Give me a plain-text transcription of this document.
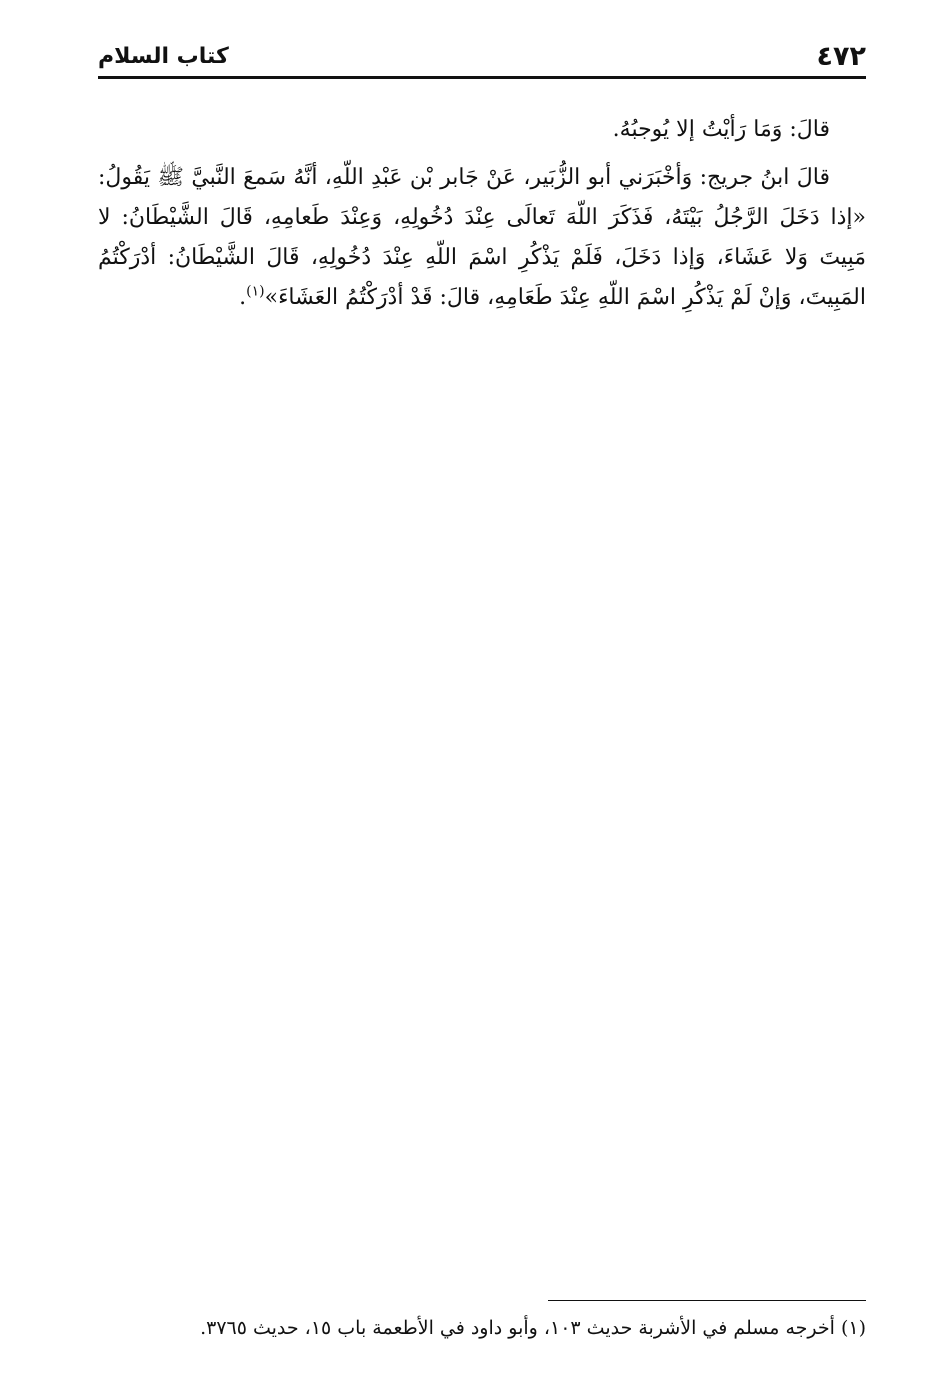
٤٧٢
كتاب السلام

قالَ: وَمَا رَأيْتُ إلا يُوجبُهُ.

قالَ ابنُ جريج: وَأخْبَرَني أبو الزُّبَير، عَنْ جَابر بْن عَبْدِ اللّهِ، أنَّهُ سَمعَ النَّبيَّ ﷺ يَقُولُ: «إذا دَخَلَ الرَّجُلُ بَيْتَهُ، فَذَكَرَ اللّهَ تَعالَى عِنْدَ دُخُولِهِ، وَعِنْدَ طَعامِهِ، قَالَ الشَّيْطَانُ: لا مَبِيتَ وَلا عَشَاءَ، وَإذا دَخَلَ، فَلَمْ يَذْكُرِ اسْمَ اللّهِ عِنْدَ دُخُولِهِ، قَالَ الشَّيْطَانُ: أدْرَكْتُمُ المَبِيتَ، وَإنْ لَمْ يَذْكُرِ اسْمَ اللّهِ عِنْدَ طَعَامِهِ، قالَ: قَدْ أدْرَكْتُمُ العَشَاءَ»$^{(١)}$.

(١) أخرجه مسلم في الأشربة حديث ١٠٣، وأبو داود في الأطعمة باب ١٥، حديث ٣٧٦٥.
